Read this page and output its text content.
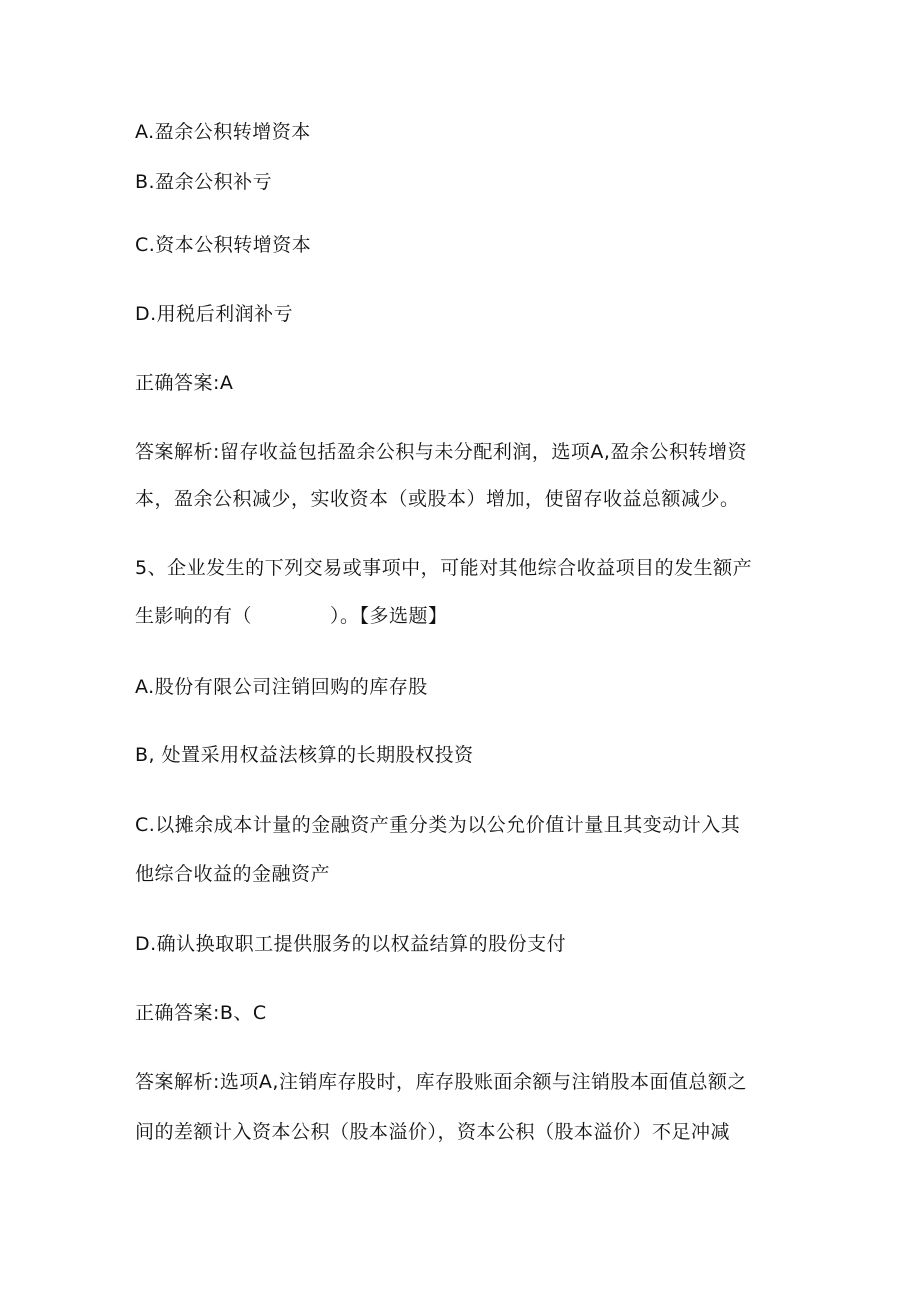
A.盈余公积转增资本
B.盈余公积补亏
C.资本公积转增资本
D.用税后利润补亏
正确答案:A
答案解析:留存收益包括盈余公积与未分配利润，选项A,盈余公积转增资
本，盈余公积减少，实收资本（或股本）增加，使留存收益总额减少。
5、企业发生的下列交易或事项中，可能对其他综合收益项目的发生额产
生影响的有（　　　　）。【多选题】
A.股份有限公司注销回购的库存股
B, 处置采用权益法核算的长期股权投资
C.以摊余成本计量的金融资产重分类为以公允价值计量且其变动计入其
他综合收益的金融资产
D.确认换取职工提供服务的以权益结算的股份支付
正确答案:B、C
答案解析:选项A,注销库存股时，库存股账面余额与注销股本面值总额之
间的差额计入资本公积（股本溢价），资本公积（股本溢价）不足冲减
